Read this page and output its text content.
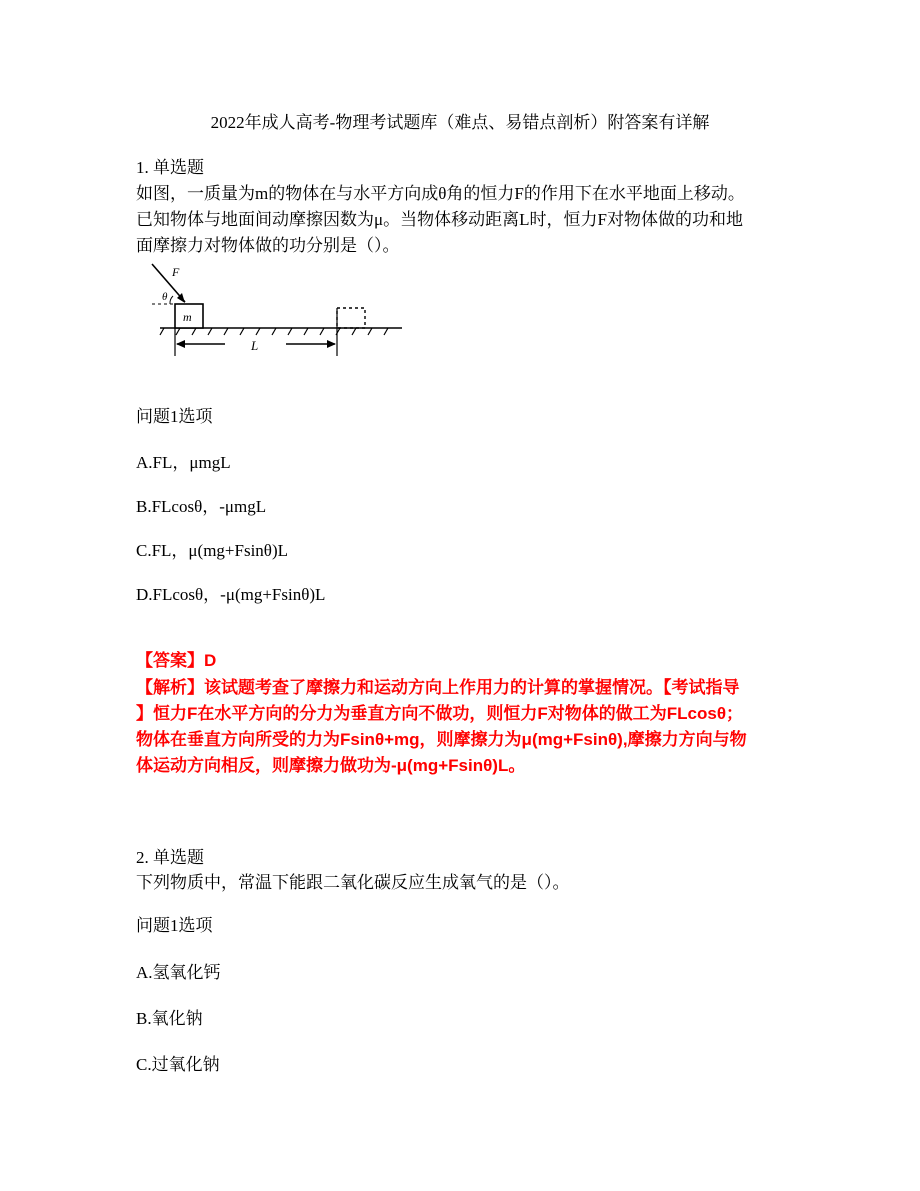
2022年成人高考-物理考试题库（难点、易错点剖析）附答案有详解
1. 单选题
如图，一质量为m的物体在与水平方向成θ角的恒力F的作用下在水平地面上移动。
已知物体与地面间动摩擦因数为μ。当物体移动距离L时，恒力F对物体做的功和地
面摩擦力对物体做的功分别是（）。
F
θ
m
L
问题1选项
A.FL，μmgL
B.FLcosθ，-μmgL
C.FL，μ(mg+Fsinθ)L
D.FLcosθ，-μ(mg+Fsinθ)L
【答案】D
【解析】该试题考查了摩擦力和运动方向上作用力的计算的掌握情况。【考试指导
】恒力F在水平方向的分力为垂直方向不做功，则恒力F对物体的做工为FLcosθ；
物体在垂直方向所受的力为Fsinθ+mg，则摩擦力为μ(mg+Fsinθ),摩擦力方向与物
体运动方向相反，则摩擦力做功为-μ(mg+Fsinθ)L。
2. 单选题
下列物质中，常温下能跟二氧化碳反应生成氧气的是（）。
问题1选项
A.氢氧化钙
B.氧化钠
C.过氧化钠
